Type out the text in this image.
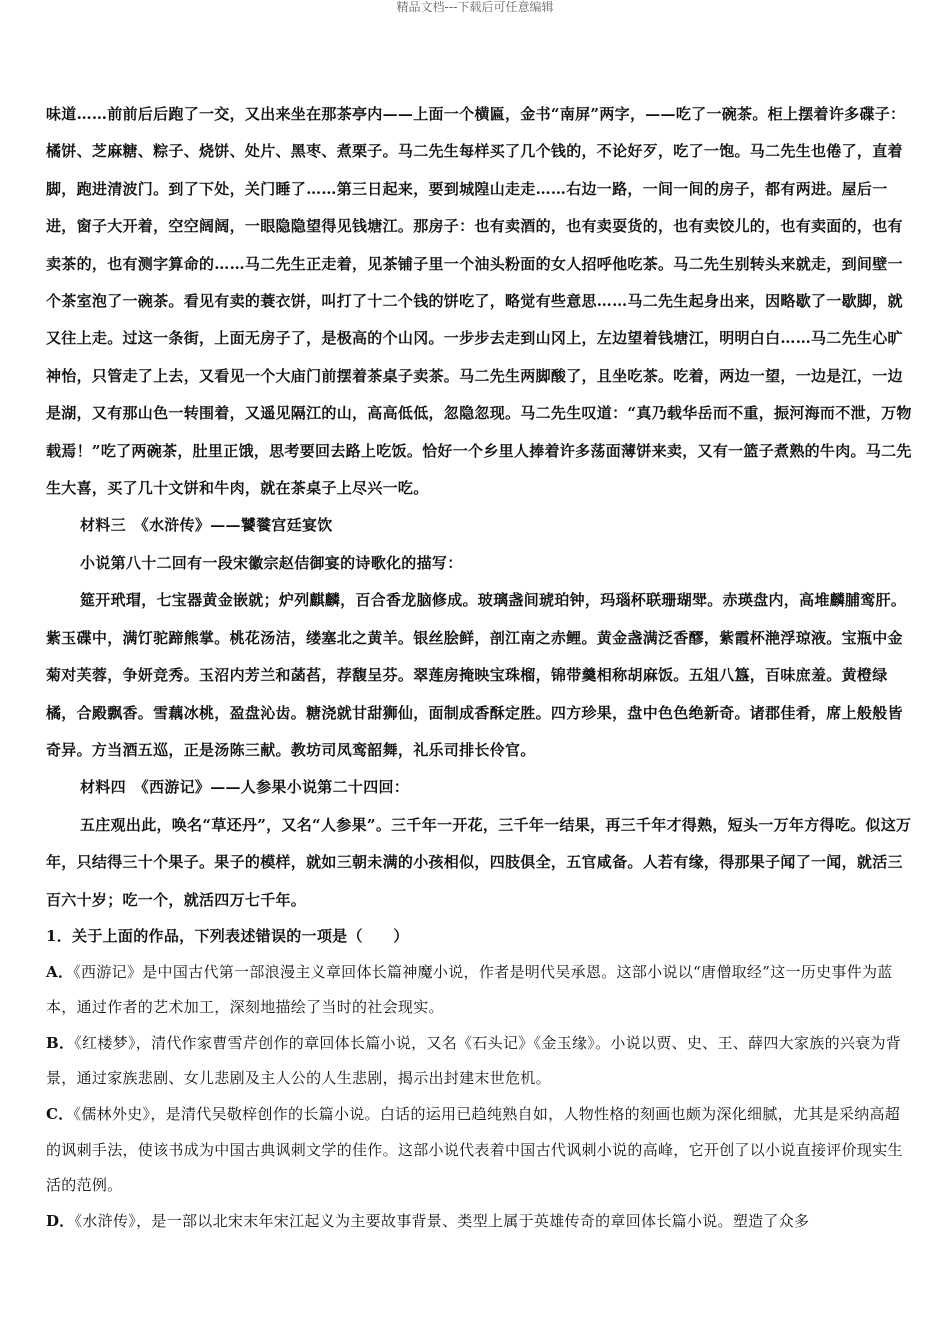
精品文档---下载后可任意编辑

味道……前前后后跑了一交，又出来坐在那茶亭内——上面一个横匾，金书“南屏”两字，——吃了一碗茶。柜上摆着许多碟子：橘饼、芝麻糖、粽子、烧饼、处片、黑枣、煮栗子。马二先生每样买了几个钱的，不论好歹，吃了一饱。马二先生也倦了，直着脚，跑进清波门。到了下处，关门睡了……第三日起来，要到城隍山走走……右边一路，一间一间的房子，都有两进。屋后一进，窗子大开着，空空阔阔，一眼隐隐望得见钱塘江。那房子：也有卖酒的，也有卖耍货的，也有卖饺儿的，也有卖面的，也有卖茶的，也有测字算命的……马二先生正走着，见茶铺子里一个油头粉面的女人招呼他吃茶。马二先生别转头来就走，到间壁一个茶室泡了一碗茶。看见有卖的蓑衣饼，叫打了十二个钱的饼吃了，略觉有些意思……马二先生起身出来，因略歇了一歇脚，就又往上走。过这一条街，上面无房子了，是极高的个山冈。一步步去走到山冈上，左边望着钱塘江，明明白白……马二先生心旷神怡，只管走了上去，又看见一个大庙门前摆着茶桌子卖茶。马二先生两脚酸了，且坐吃茶。吃着，两边一望，一边是江，一边是湖，又有那山色一转围着，又遥见隔江的山，高高低低，忽隐忽现。马二先生叹道：“真乃载华岳而不重，振河海而不泄，万物载焉！”吃了两碗茶，肚里正饿，思考要回去路上吃饭。恰好一个乡里人捧着许多荡面薄饼来卖，又有一篮子煮熟的牛肉。马二先生大喜，买了几十文饼和牛肉，就在茶桌子上尽兴一吃。

材料三　《水浒传》——饕餮宫廷宴饮

小说第八十二回有一段宋徽宗赵佶御宴的诗歌化的描写：

筵开玳瑁，七宝器黄金嵌就；炉列麒麟，百合香龙脑修成。玻璃盏间琥珀钟，玛瑙杯联珊瑚斝。赤瑛盘内，高堆麟脯鸾肝。紫玉碟中，满饤驼蹄熊掌。桃花汤洁，缕塞北之黄羊。银丝脍鲜，剖江南之赤鲤。黄金盏满泛香醪，紫霞杯滟浮琼液。宝瓶中金菊对芙蓉，争妍竞秀。玉沼内芳兰和菡萏，荐馥呈芬。翠莲房掩映宝珠榴，锦带羹相称胡麻饭。五俎八簋，百味庶羞。黄橙绿橘，合殿飘香。雪藕冰桃，盈盘沁齿。糖浇就甘甜狮仙，面制成香酥定胜。四方珍果，盘中色色绝新奇。诸郡佳肴，席上般般皆奇异。方当酒五巡，正是汤陈三献。教坊司凤鸾韶舞，礼乐司排长伶官。

材料四　《西游记》——人参果小说第二十四回：

五庄观出此，唤名“草还丹”，又名“人参果”。三千年一开花，三千年一结果，再三千年才得熟，短头一万年方得吃。似这万年，只结得三十个果子。果子的模样，就如三朝未满的小孩相似，四肢俱全，五官咸备。人若有缘，得那果子闻了一闻，就活三百六十岁；吃一个，就活四万七千年。

1．关于上面的作品，下列表述错误的一项是（　　）

A．《西游记》是中国古代第一部浪漫主义章回体长篇神魔小说，作者是明代吴承恩。这部小说以“唐僧取经”这一历史事件为蓝本，通过作者的艺术加工，深刻地描绘了当时的社会现实。

B．《红楼梦》，清代作家曹雪芹创作的章回体长篇小说，又名《石头记》《金玉缘》。小说以贾、史、王、薛四大家族的兴衰为背景，通过家族悲剧、女儿悲剧及主人公的人生悲剧，揭示出封建末世危机。

C．《儒林外史》，是清代吴敬梓创作的长篇小说。白话的运用已趋纯熟自如，人物性格的刻画也颇为深化细腻，尤其是采纳高超的讽刺手法，使该书成为中国古典讽刺文学的佳作。这部小说代表着中国古代讽刺小说的高峰，它开创了以小说直接评价现实生活的范例。

D．《水浒传》，是一部以北宋末年宋江起义为主要故事背景、类型上属于英雄传奇的章回体长篇小说。塑造了众多
